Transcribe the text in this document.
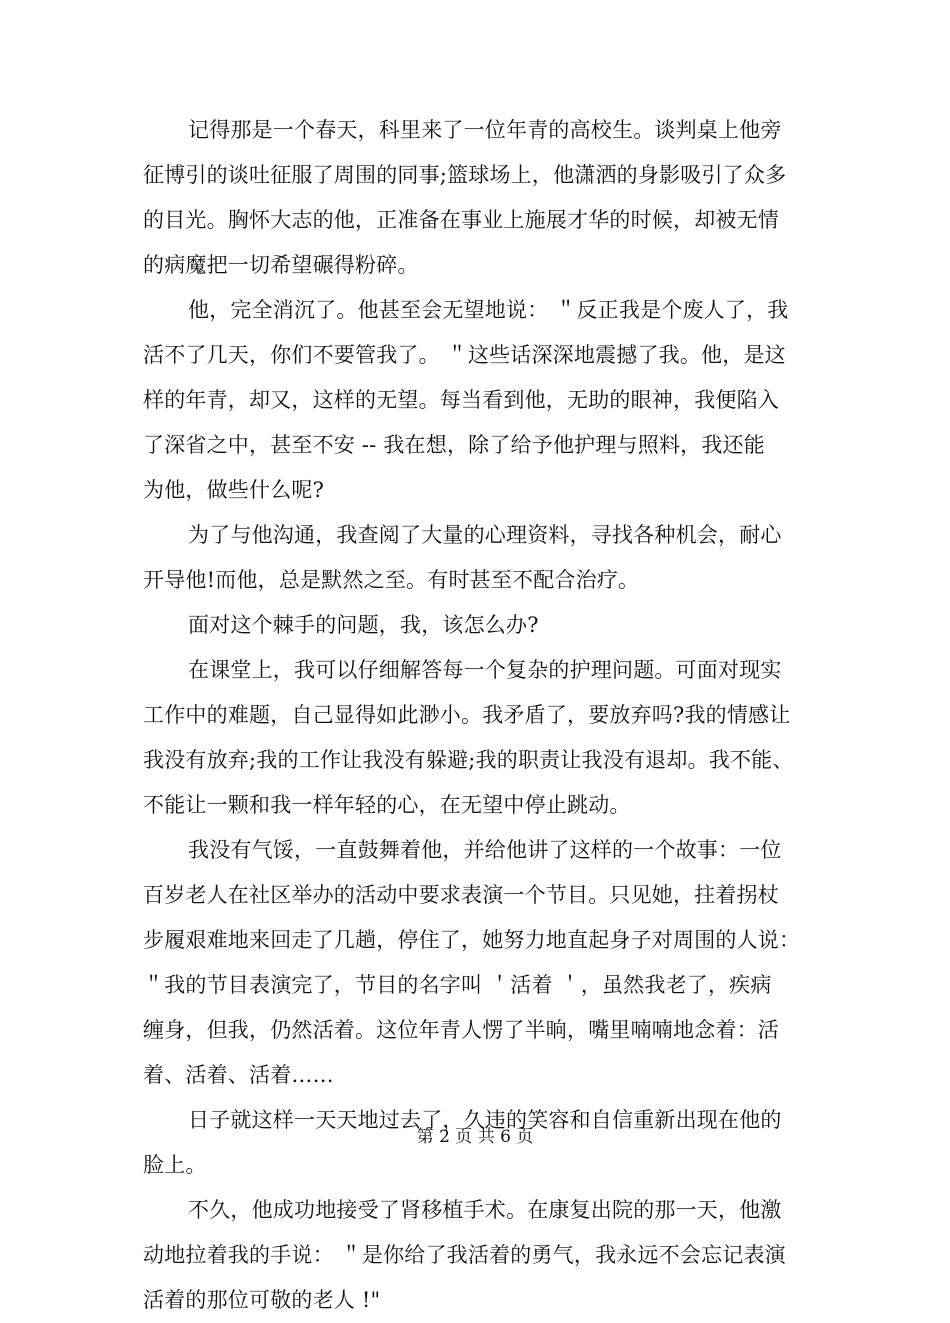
记得那是一个春天，科里来了一位年青的高校生。谈判桌上他旁
征博引的谈吐征服了周围的同事;篮球场上，他潇洒的身影吸引了众多
的目光。胸怀大志的他，正准备在事业上施展才华的时候，却被无情
的病魔把一切希望碾得粉碎。
他，完全消沉了。他甚至会无望地说： ＂反正我是个废人了，我
活不了几天，你们不要管我了。 ＂这些话深深地震撼了我。他，是这
样的年青，却又，这样的无望。每当看到他，无助的眼神，我便陷入
了深省之中，甚至不安 -- 我在想，除了给予他护理与照料，我还能
为他，做些什么呢?
为了与他沟通，我查阅了大量的心理资料，寻找各种机会，耐心
开导他!而他，总是默然之至。有时甚至不配合治疗。
面对这个棘手的问题，我，该怎么办?
在课堂上，我可以仔细解答每一个复杂的护理问题。可面对现实
工作中的难题，自己显得如此渺小。我矛盾了，要放弃吗?我的情感让
我没有放弃;我的工作让我没有躲避;我的职责让我没有退却。我不能、
不能让一颗和我一样年轻的心，在无望中停止跳动。
我没有气馁，一直鼓舞着他，并给他讲了这样的一个故事：一位
百岁老人在社区举办的活动中要求表演一个节目。只见她，拄着拐杖
步履艰难地来回走了几趟，停住了，她努力地直起身子对周围的人说：
＂我的节目表演完了，节目的名字叫 ＇活着 ＇，虽然我老了，疾病
缠身，但我，仍然活着。这位年青人愣了半晌，嘴里喃喃地念着：活
着、活着、活着……
日子就这样一天天地过去了，久违的笑容和自信重新出现在他的
脸上。
不久，他成功地接受了肾移植手术。在康复出院的那一天，他激
动地拉着我的手说： ＂是你给了我活着的勇气，我永远不会忘记表演
活着的那位可敬的老人 !"
第 2 页 共 6 页
